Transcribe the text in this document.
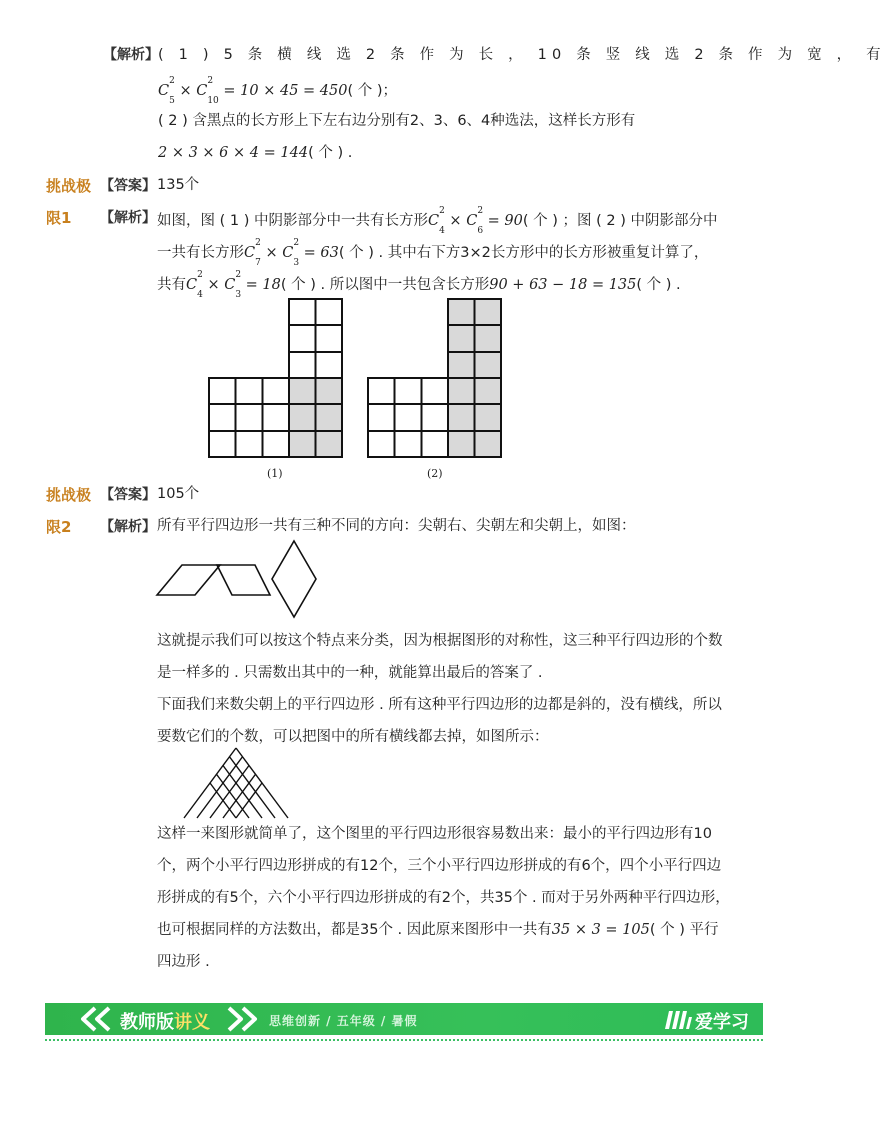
【解析】 ( 1 ) 5 条 横 线 选 2 条 作 为 长 ， 10 条 竖 线 选 2 条 作 为 宽 ， 有
$C^2$
$_5 \times C^2$
$_{10}$ = 10 × 45 = 450( 个 )；
( 2 ) 含黑点的长方形上下左右边分别有2、3、6、4种选法，这样长方形有
2 × 3 × 6 × 4 = 144( 个 ) .
挑战极 【答案】 135个
限1 【解析】 如图，图 ( 1 ) 中阴影部分中一共有长方形$C^2$
$_4 \times C^2$
$_6$ = 90( 个 ) ；图 ( 2 ) 中阴影部分中
一共有长方形$C^2$
$_7 \times C^2$
$_3$ = 63( 个 ) . 其中右下方3×2长方形中的长方形被重复计算了，
共有$C^2$
$_4 \times C^2$
$_3$ = 18( 个 ) . 所以图中一共包含长方形90 + 63 − 18 = 135( 个 ) .
(1)	(2)
挑战极 【答案】 105个
限2 【解析】 所有平行四边形一共有三种不同的方向：尖朝右、尖朝左和尖朝上，如图：
这就提示我们可以按这个特点来分类，因为根据图形的对称性，这三种平行四边形的个数
是一样多的 . 只需数出其中的一种，就能算出最后的答案了 .
下面我们来数尖朝上的平行四边形 . 所有这种平行四边形的边都是斜的，没有横线，所以
要数它们的个数，可以把图中的所有横线都去掉，如图所示：
这样一来图形就简单了，这个图里的平行四边形很容易数出来：最小的平行四边形有10
个，两个小平行四边形拼成的有12个，三个小平行四边形拼成的有6个，四个小平行四边
形拼成的有5个，六个小平行四边形拼成的有2个，共35个 . 而对于另外两种平行四边形，
也可根据同样的方法数出，都是35个 . 因此原来图形中一共有35 × 3 = 105( 个 ) 平行
四边形 .
教师版讲义	思维创新 / 五年级 / 暑假	爱学习
